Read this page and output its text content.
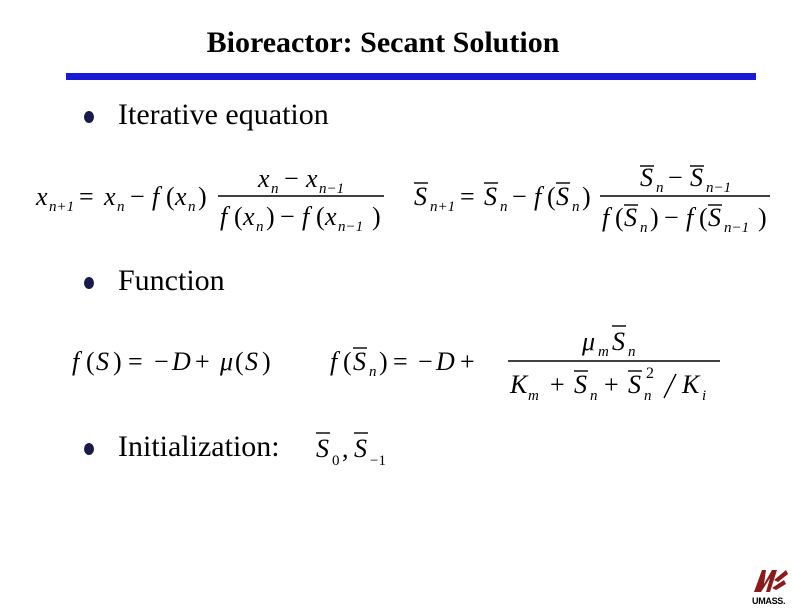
Bioreactor: Secant Solution
Iterative equation
x n+1 = x n − f ( x n )
x n − x n−1
f ( x n ) − f ( x n−1 )
S n+1 = S n − f ( S n )
S n − S n−1
f ( S n ) − f ( S n−1 )
Function
f ( S ) = − D + μ ( S ) f ( S n ) = − D +
μ m S n
K m + S n + S n
2 K i
Initialization: S 0 , S −1
UMASS.
